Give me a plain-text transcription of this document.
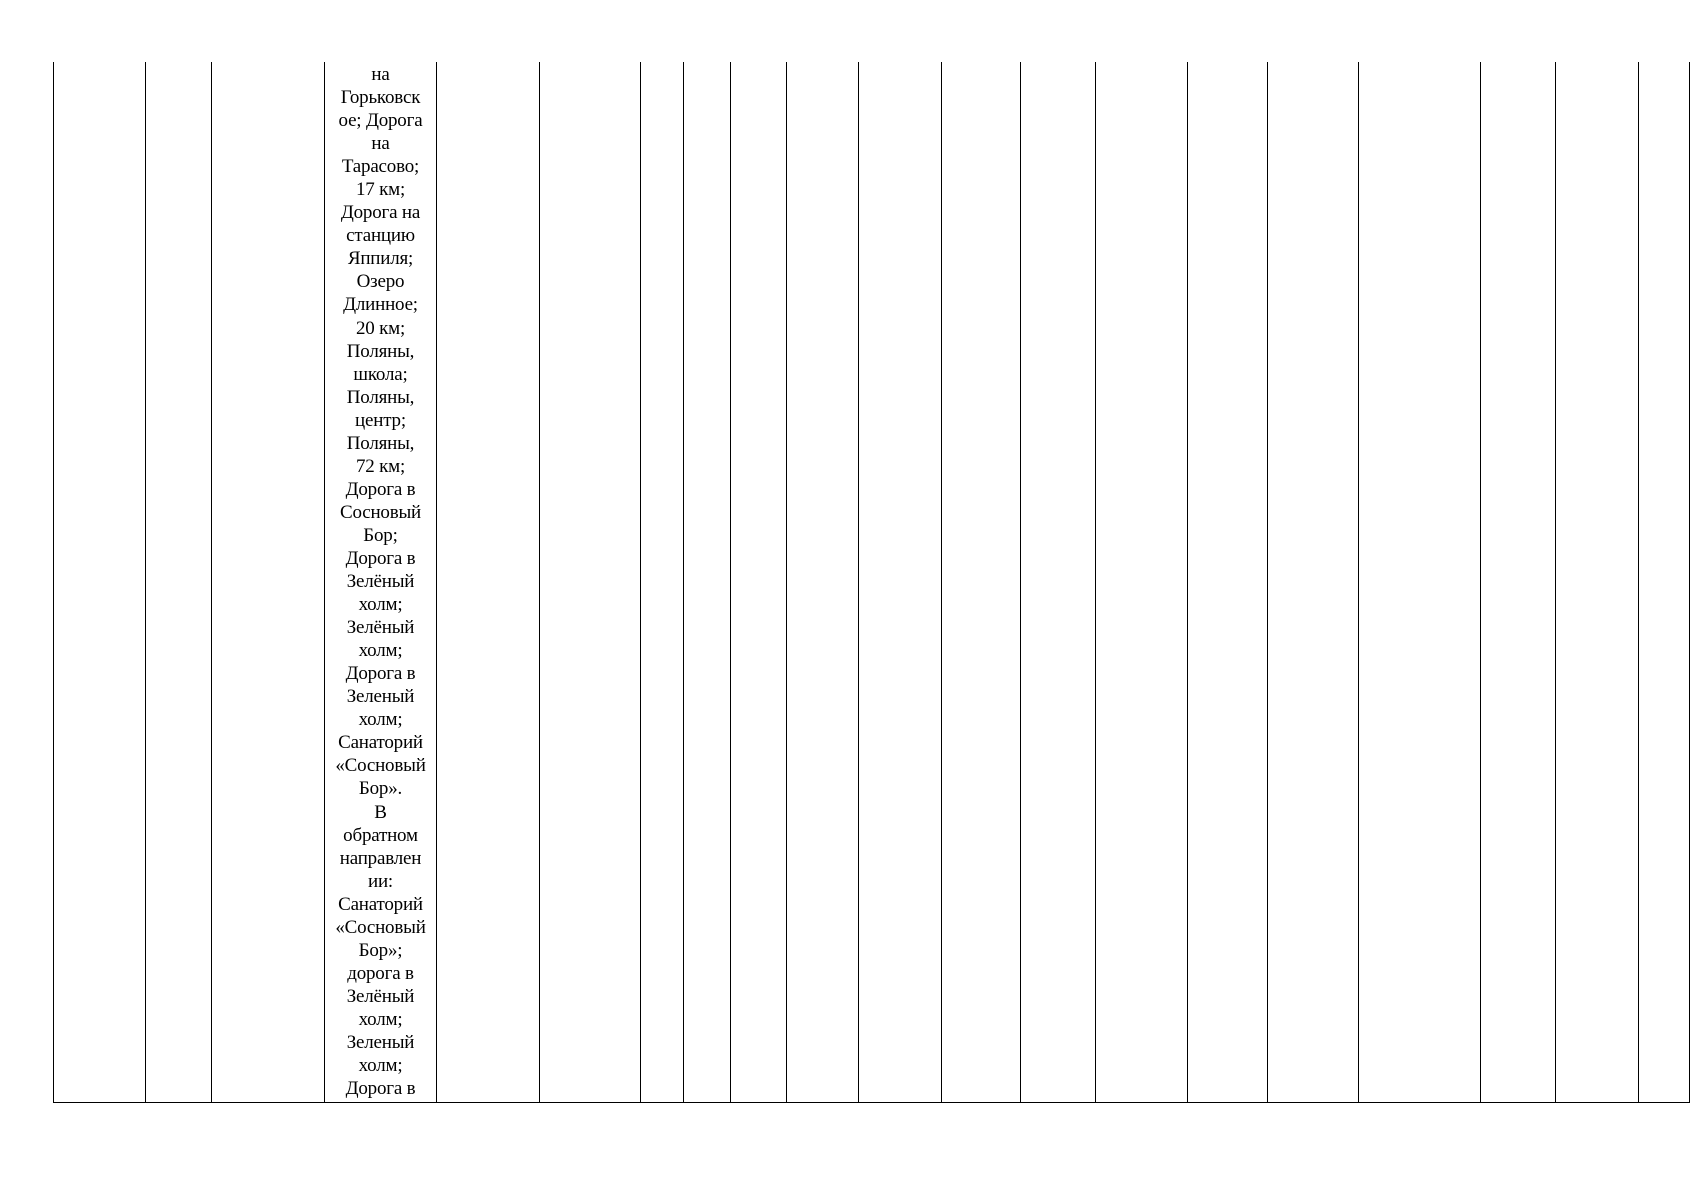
на
Горьковск
ое; Дорога
на
Тарасово;
17 км;
Дорога на
станцию
Яппиля;
Озеро
Длинное;
20 км;
Поляны,
школа;
Поляны,
центр;
Поляны,
72 км;
Дорога в
Сосновый
Бор;
Дорога в
Зелёный
холм;
Зелёный
холм;
Дорога в
Зеленый
холм;
Санаторий
«Сосновый
Бор».
В
обратном
направлен
ии:
Санаторий
«Сосновый
Бор»;
дорога в
Зелёный
холм;
Зеленый
холм;
Дорога в
